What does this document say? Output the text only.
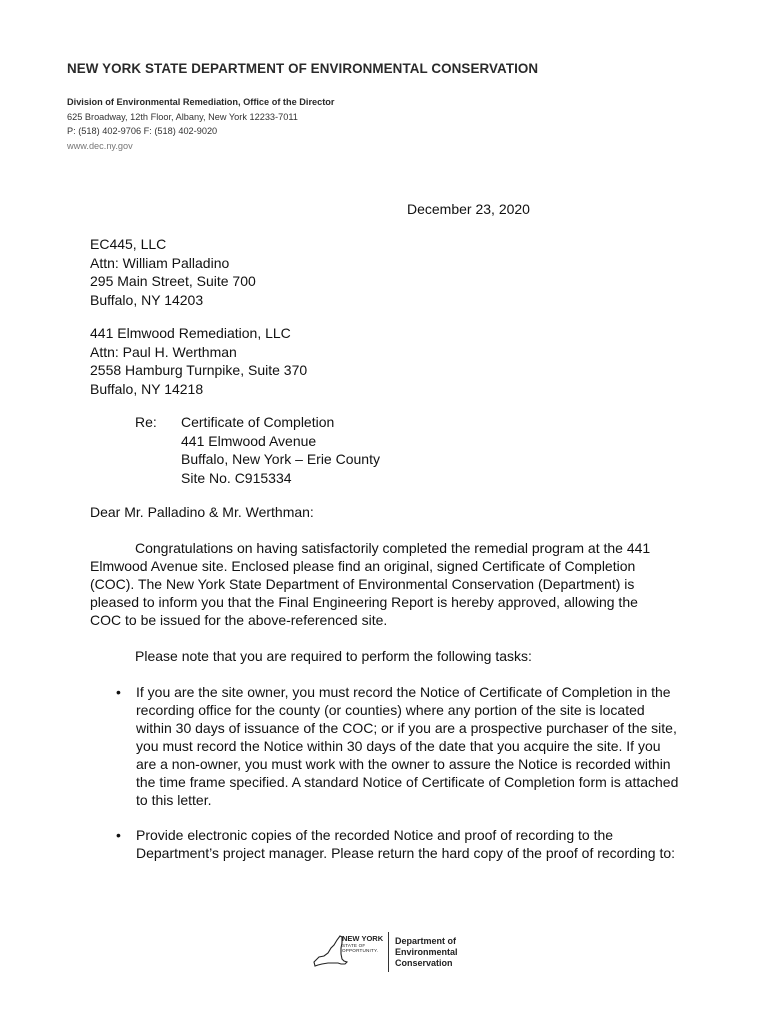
NEW YORK STATE DEPARTMENT OF ENVIRONMENTAL CONSERVATION
Division of Environmental Remediation, Office of the Director
625 Broadway, 12th Floor, Albany, New York 12233-7011
P: (518) 402-9706 F: (518) 402-9020
www.dec.ny.gov
December 23, 2020
EC445, LLC
Attn: William Palladino
295 Main Street, Suite 700
Buffalo, NY 14203
441 Elmwood Remediation, LLC
Attn: Paul H. Werthman
2558 Hamburg Turnpike, Suite 370
Buffalo, NY 14218
Re: Certificate of Completion
441 Elmwood Avenue
Buffalo, New York – Erie County
Site No. C915334
Dear Mr. Palladino & Mr. Werthman:
Congratulations on having satisfactorily completed the remedial program at the 441 Elmwood Avenue site. Enclosed please find an original, signed Certificate of Completion (COC). The New York State Department of Environmental Conservation (Department) is pleased to inform you that the Final Engineering Report is hereby approved, allowing the COC to be issued for the above-referenced site.
Please note that you are required to perform the following tasks:
• If you are the site owner, you must record the Notice of Certificate of Completion in the recording office for the county (or counties) where any portion of the site is located within 30 days of issuance of the COC; or if you are a prospective purchaser of the site, you must record the Notice within 30 days of the date that you acquire the site. If you are a non-owner, you must work with the owner to assure the Notice is recorded within the time frame specified. A standard Notice of Certificate of Completion form is attached to this letter.
• Provide electronic copies of the recorded Notice and proof of recording to the Department’s project manager. Please return the hard copy of the proof of recording to:
NEW YORK
STATE OF
OPPORTUNITY.
Department of
Environmental
Conservation
